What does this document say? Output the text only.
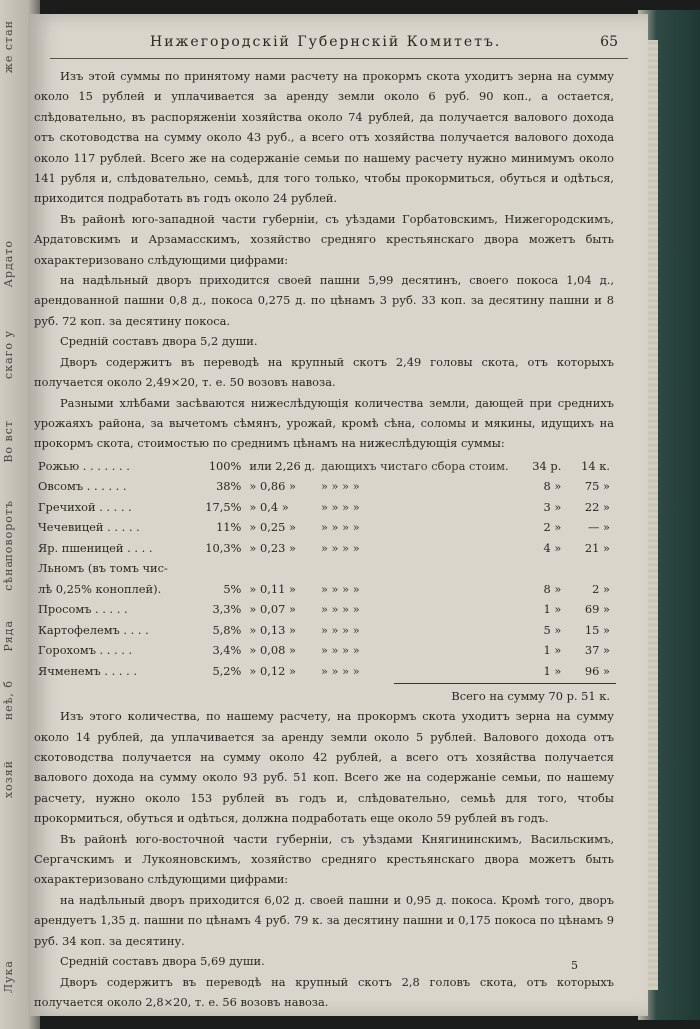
же стан
Ардато
скаго у
Во вст
поворотъ
сѣна
Ряда
неѣ, б
хозяй
Лука
Нижегородскій Губернскій Комитетъ.	65

Изъ этой суммы по принятому нами расчету на прокормъ скота уходитъ зерна на сумму около 15 рублей и уплачивается за аренду земли около 6 руб. 90 коп., а остается, слѣдовательно, въ распоряженіи хозяйства около 74 рублей, да получается валового дохода отъ скотоводства на сумму около 43 руб., а всего отъ хозяйства получается валового дохода около 117 рублей. Всего же на содержаніе семьи по нашему расчету нужно минимумъ около 141 рубля и, слѣдовательно, семьѣ, для того только, чтобы прокормиться, обуться и одѣться, приходится подработать въ годъ около 24 рублей.

Въ районѣ юго-западной части губерніи, съ уѣздами Горбатовскимъ, Нижегородскимъ, Ардатовскимъ и Арзамасскимъ, хозяйство средняго крестьянскаго двора можетъ быть охарактеризовано слѣдующими цифрами:

на надѣльный дворъ приходится своей пашни 5,99 десятинъ, своего покоса 1,04 д., арендованной пашни 0,8 д., покоса 0,275 д. по цѣнамъ 3 руб. 33 коп. за десятину пашни и 8 руб. 72 коп. за десятину покоса.

Средній составъ двора 5,2 души.

Дворъ содержитъ въ переводѣ на крупный скотъ 2,49 головы скота, отъ которыхъ получается около 2,49×20, т. е. 50 возовъ навоза.

Разными хлѣбами засѣваются нижеслѣдующія количества земли, дающей при среднихъ урожаяхъ района, за вычетомъ сѣмянъ, урожай, кромѣ сѣна, соломы и мякины, идущихъ на прокормъ скота, стоимостью по среднимъ цѣнамъ на нижеслѣдующія суммы:

Рожью . . . . . . .	100%	или 2,26 д.	дающихъ чистаго сбора стоим.	34 р.	14 к.
Овсомъ . . . . . .	38%	» 0,86 »	» » » »	8 »	75 »
Гречихой . . . . .	17,5%	» 0,4 »	» » » »	3 »	22 »
Чечевицей . . . . .	11%	» 0,25 »	» » » »	2 »	— »
Яр. пшеницей . . . .	10,3%	» 0,23 »	» » » »	4 »	21 »
Льномъ (въ томъ чис-					
лѣ 0,25% коноплей).	5%	» 0,11 »	» » » »	8 »	2 »
Просомъ . . . . .	3,3%	» 0,07 »	» » » »	1 »	69 »
Картофелемъ . . . .	5,8%	» 0,13 »	» » » »	5 »	15 »
Горохомъ . . . . .	3,4%	» 0,08 »	» » » »	1 »	37 »
Ячменемъ . . . . .	5,2%	» 0,12 »	» » » »	1 »	96 »
Всего на сумму 70 р. 51 к.

Изъ этого количества, по нашему расчету, на прокормъ скота уходитъ зерна на сумму около 14 рублей, да уплачивается за аренду земли около 5 рублей. Валового дохода отъ скотоводства получается на сумму около 42 рублей, а всего отъ хозяйства получается валового дохода на сумму около 93 руб. 51 коп. Всего же на содержаніе семьи, по нашему расчету, нужно около 153 рублей въ годъ и, слѣдовательно, семьѣ для того, чтобы прокормиться, обуться и одѣться, должна подработать еще около 59 рублей въ годъ.

Въ районѣ юго-восточной части губерніи, съ уѣздами Княгининскимъ, Васильскимъ, Сергачскимъ и Лукояновскимъ, хозяйство средняго крестьянскаго двора можетъ быть охарактеризовано слѣдующими цифрами:

на надѣльный дворъ приходится 6,02 д. своей пашни и 0,95 д. покоса. Кромѣ того, дворъ арендуетъ 1,35 д. пашни по цѣнамъ 4 руб. 79 к. за десятину пашни и 0,175 покоса по цѣнамъ 9 руб. 34 коп. за десятину.

Средній составъ двора 5,69 души.

Дворъ содержитъ въ переводѣ на крупный скотъ 2,8 головъ скота, отъ которыхъ получается около 2,8×20, т. е. 56 возовъ навоза.

5
